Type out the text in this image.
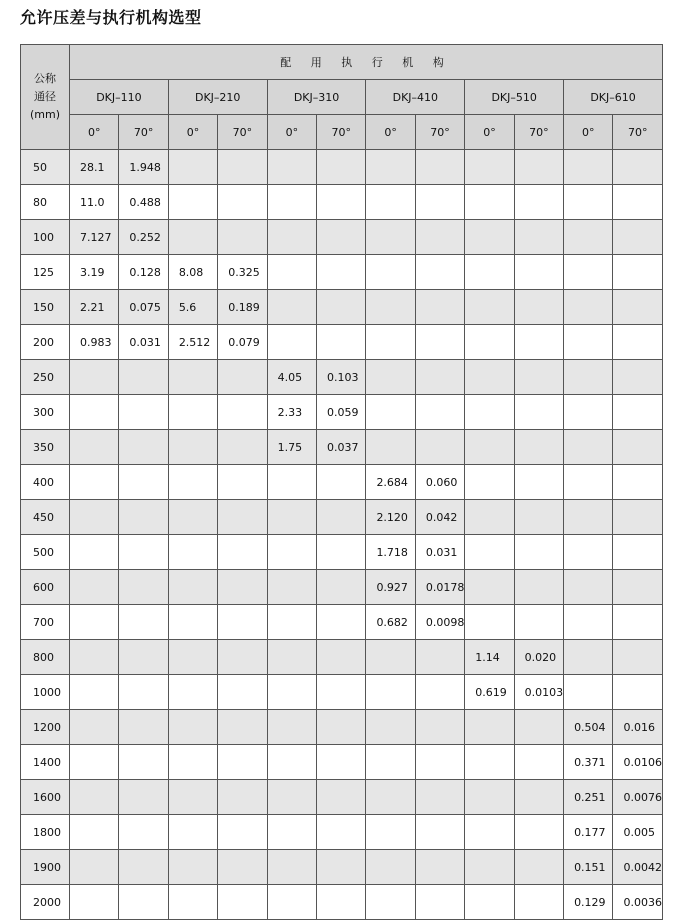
允许压差与执行机构选型
公称
通径
(mm)	配 用 执 行 机 构											
	DKJ–110		DKJ–210		DKJ–310		DKJ–410		DKJ–510		DKJ–610	
	0°	70°	0°	70°	0°	70°	0°	70°	0°	70°	0°	70°
50	28.1	1.948										
80	11.0	0.488										
100	7.127	0.252										
125	3.19	0.128	8.08	0.325								
150	2.21	0.075	5.6	0.189								
200	0.983	0.031	2.512	0.079								
250					4.05	0.103						
300					2.33	0.059						
350					1.75	0.037						
400							2.684	0.060				
450							2.120	0.042				
500							1.718	0.031				
600							0.927	0.0178				
700							0.682	0.0098				
800									1.14	0.020		
1000									0.619	0.0103		
1200											0.504	0.016
1400											0.371	0.0106
1600											0.251	0.0076
1800											0.177	0.005
1900											0.151	0.0042
2000											0.129	0.0036
